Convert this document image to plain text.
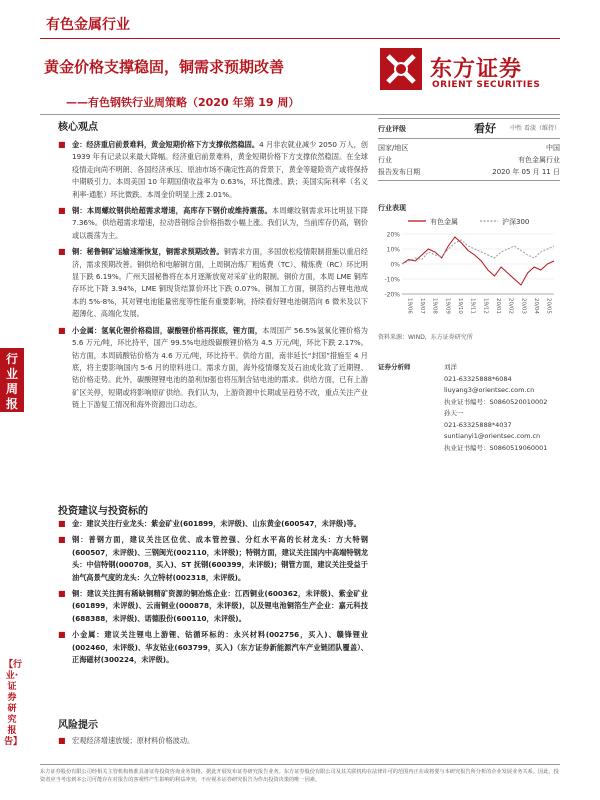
有色金属行业
黄金价格支撑稳固，铜需求预期改善
——有色钢铁行业周策略（2020 年第 19 周）
东方证券
ORIENT SECURITIES
行业周报
【行业·证券研究报告】
核心观点
■ 金：经济重启前景难料，黄金短期价格下方支撑依然稳固。4 月非农就业减少 2050 万人，创 1939 年有记录以来最大降幅。经济重启前景难料，黄金短期价格下方支撑依然稳固。在全球疫情走向尚不明朗、各国经济承压、原油市场不确定性高的背景下，黄金等避险资产或将保持中期吸引力。本周美国 10 年期国债收益率为 0.63%，环比微涨、跌；美国实际利率（名义利率-通胀）环比微跌。本周金价明显上涨 2.01%。
■ 钢：本周螺纹钢供给超需求增速，高库存下钢价或维持震荡。本周螺纹钢需求环比明显下降 7.36%。供给超需求增速，拉动普钢综合价格指数小幅上涨。我们认为，当前库存仍高，钢价或以震荡为主。
■ 铜：秘鲁铜矿运输速渐恢复，铜需求预期改善。铜需求方面，多国放松疫情限制措施以重启经济，需求预期改善。铜供给和电解铜方面，上周铜冶炼厂粗炼费（TC）、精炼费（RC）环比明显下跌 6.19%。广州天国秘鲁将在本月逐渐放宽对采矿业的限制。铜价方面，本周 LME 铜库存环比下降 3.94%，LME 铜现货结算价环比下跌 0.07%。铜加工方面，铜箔约占锂电池成本的 5%-8%，其对锂电池能量密度等性能有重要影响，持续看好锂电池铜箔向 6 微米及以下超薄化、高端化发展。
■ 小金属：氢氧化锂价格稳固，碳酸锂价格再探底，锂方面，本周国产 56.5%氢氧化锂价格为 5.6 万元/吨，环比持平，国产 99.5%电池级碳酸锂价格为 4.5 万元/吨，环比下跌 2.17%。钴方面，本周硫酸钴价格为 4.6 万元/吨，环比持平。供给方面，南非延长“封国”措施至 4 月底，将主要影响国内 5-6 月的原料进口。需求方面，海外疫情爆发及石油成化致了近期锂、钴价格走势。此外，碳酸锂锂电池的盈利加强也将压制含钴电池的需求。供给方面，已有上游矿区关停，短期或将影响原矿供给。我们认为，上游资源中长期或呈趋势不改，重点关注产业链上下游复工情况和海外资源出口动态。
行业评级	看好 中性 看淡（维持）
国家/地区	中国
行业	有色金属行业
报告发布日期	2020 年 05 月 11 日
行业表现
有色金属	沪深300
20%
10%
0%
-10%
-20%
19/06 19/07 19/08 19/09 19/10 19/11 19/12 20/01 20/02 20/03 20/04 20/05
资料来源：WIND，东方证券研究所
证券分析师	刘洋
021-63325888*6084
liuyang3@orientsec.com.cn
执业证书编号：S0860520010002
孙天一
021-63325888*4037
suntianyi1@orientsec.com.cn
执业证书编号：S0860519060001
投资建议与投资标的
■ 金：建议关注行业龙头：紫金矿业(601899，未评级)、山东黄金(600547，未评级)等。
■ 钢：普钢方面，建议关注区位优、成本管控强、分红水平高的长材龙头：方大特钢(600507，未评级)、三钢闽光(002110，未评级)；特钢方面，建议关注国内中高端特钢龙头：中信特钢(000708，买入)、ST 抚钢(600399，未评级)；钢管方面，建议关注受益于油气高景气度的龙头：久立特材(002318，未评级)。
■ 铜：建议关注拥有稀缺铜精矿资源的铜冶炼企业：江西铜业(600362，未评级)、紫金矿业(601899，未评级)、云南铜业(000878，未评级)，以及锂电池铜箔生产企业：嘉元科技(688388，未评级)、诺德股份(600110，未评级)。
■ 小金属：建议关注锂电上游锂、钴循环标的：永兴材料(002756，买入)、赣锋锂业(002460，未评级)、华友钴业(603799，买入)（东方证券新能源汽车产业链团队覆盖）、正海磁材(300224，未评级)。
风险提示
■ 宏观经济增速放缓；原材料价格波动。
东方证券股份有限公司经相关主管机构核准具备证券投资咨询业务资格，据此开展发布证券研究报告业务。东方证券股份有限公司及其关联机构在法律许可的范围内正在或将要与本研究报告所分析的企业发展业务关系。因此，投资者应当考虑到本公司可能存在对报告的客观性产生影响的利益冲突，不应视本证券研究报告为作出投资决策的唯一因素。
